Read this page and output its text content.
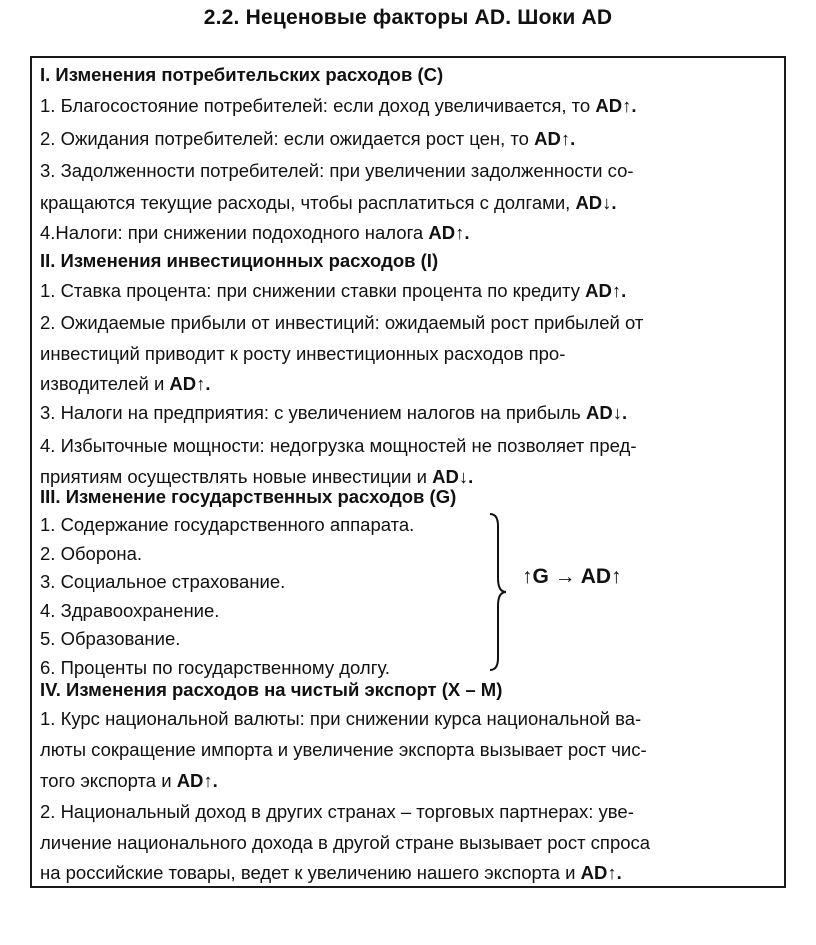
2.2. Неценовые факторы AD. Шоки AD
I. Изменения потребительских расходов (C)
1. Благосостояние потребителей: если доход увеличивается, то AD↑.
2. Ожидания потребителей: если ожидается рост цен, то AD↑.
3. Задолженности потребителей: при увеличении задолженности со-
кращаются текущие расходы, чтобы расплатиться с долгами, AD↓.
4.Налоги: при снижении подоходного налога AD↑.
II. Изменения инвестиционных расходов (I)
1. Ставка процента: при снижении ставки процента по кредиту AD↑.
2. Ожидаемые прибыли от инвестиций: ожидаемый рост прибылей от
инвестиций приводит к росту инвестиционных расходов про-
изводителей и AD↑.
3. Налоги на предприятия: с увеличением налогов на прибыль AD↓.
4. Избыточные мощности: недогрузка мощностей не позволяет пред-
приятиям осуществлять новые инвестиции и AD↓.
III. Изменение государственных расходов (G)
1. Содержание государственного аппарата.
2. Оборона.
3. Социальное страхование.
4. Здравоохранение.
5. Образование.
6. Проценты по государственному долгу.
IV. Изменения расходов на чистый экспорт (X – M)
1. Курс национальной валюты: при снижении курса национальной ва-
люты сокращение импорта и увеличение экспорта вызывает рост чис-
того экспорта и AD↑.
2. Национальный доход в других странах – торговых партнерах: уве-
личение национального дохода в другой стране вызывает рост спроса
на российские товары, ведет к увеличению нашего экспорта и AD↑.
↑G → AD↑
